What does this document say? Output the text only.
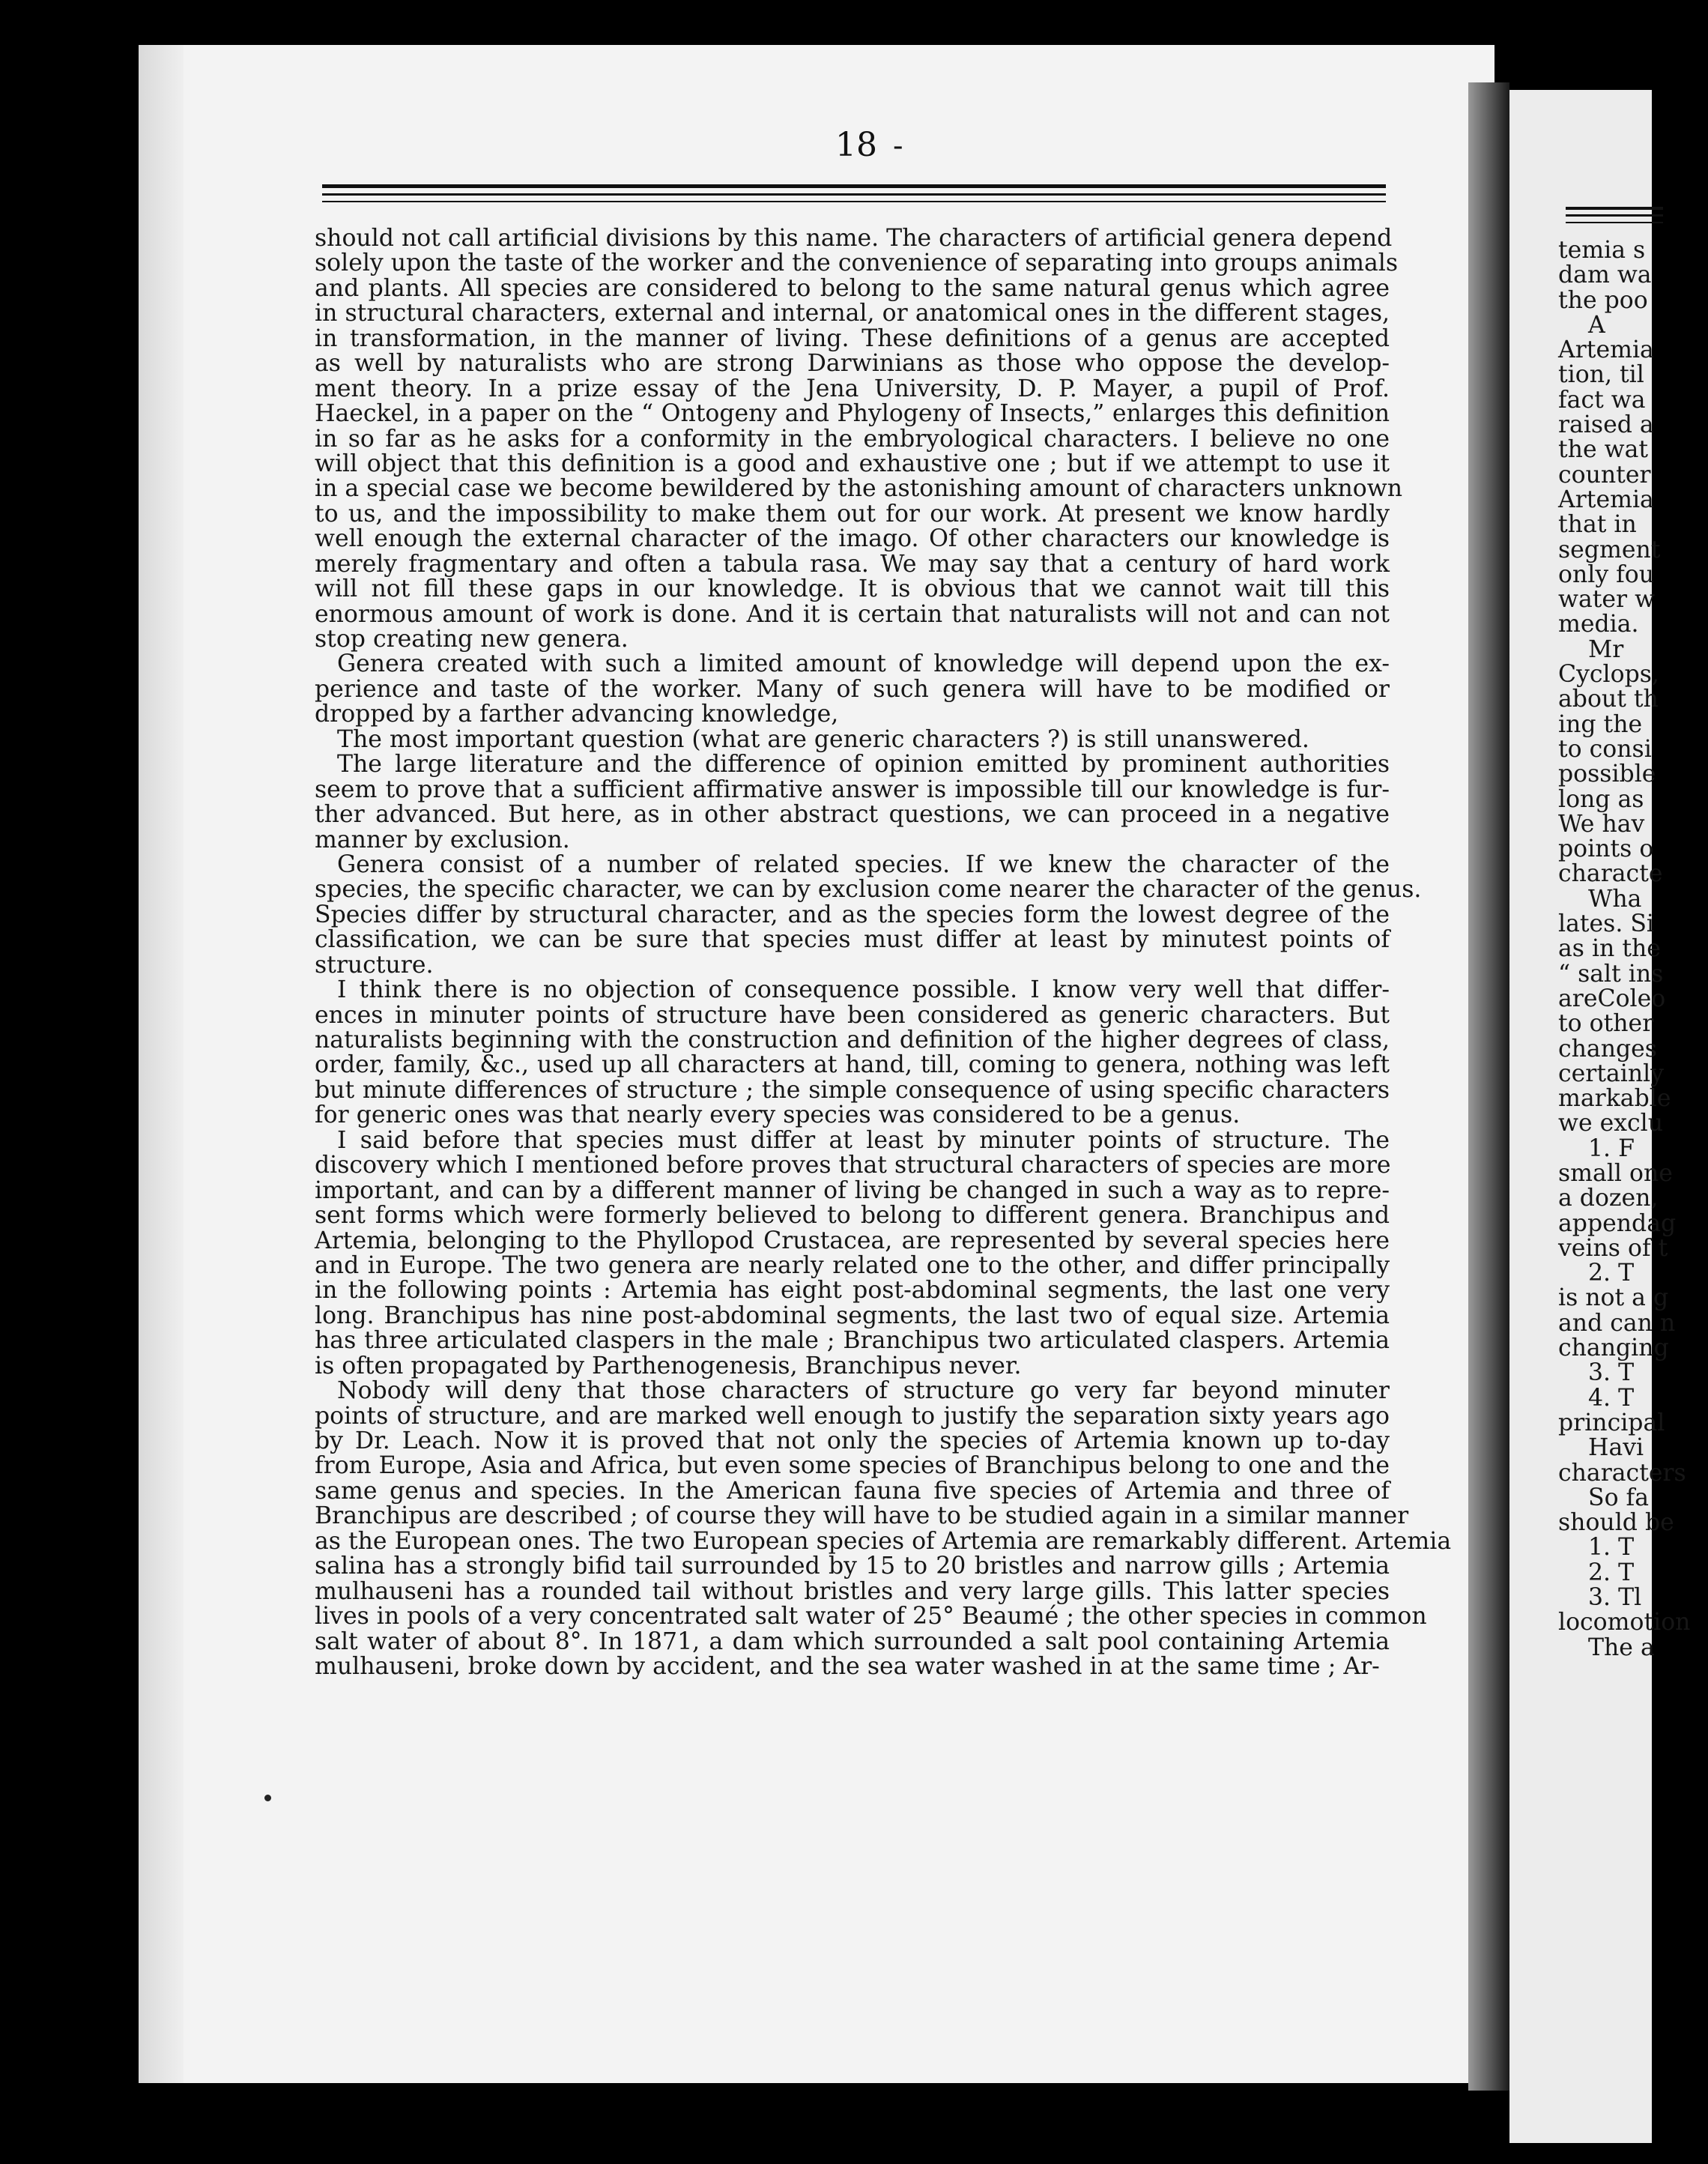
18 -
should not call artificial divisions by this name. The characters of artificial genera depend
solely upon the taste of the worker and the convenience of separating into groups animals
and plants. All species are considered to belong to the same natural genus which agree
in structural characters, external and internal, or anatomical ones in the different stages,
in transformation, in the manner of living. These definitions of a genus are accepted
as well by naturalists who are strong Darwinians as those who oppose the develop-
ment theory. In a prize essay of the Jena University, D. P. Mayer, a pupil of Prof.
Haeckel, in a paper on the “ Ontogeny and Phylogeny of Insects,” enlarges this definition
in so far as he asks for a conformity in the embryological characters. I believe no one
will object that this definition is a good and exhaustive one ; but if we attempt to use it
in a special case we become bewildered by the astonishing amount of characters unknown
to us, and the impossibility to make them out for our work. At present we know hardly
well enough the external character of the imago. Of other characters our knowledge is
merely fragmentary and often a tabula rasa. We may say that a century of hard work
will not fill these gaps in our knowledge. It is obvious that we cannot wait till this
enormous amount of work is done. And it is certain that naturalists will not and can not
stop creating new genera.
Genera created with such a limited amount of knowledge will depend upon the ex-
perience and taste of the worker. Many of such genera will have to be modified or
dropped by a farther advancing knowledge,
The most important question (what are generic characters ?) is still unanswered.
The large literature and the difference of opinion emitted by prominent authorities
seem to prove that a sufficient affirmative answer is impossible till our knowledge is fur-
ther advanced. But here, as in other abstract questions, we can proceed in a negative
manner by exclusion.
Genera consist of a number of related species. If we knew the character of the
species, the specific character, we can by exclusion come nearer the character of the genus.
Species differ by structural character, and as the species form the lowest degree of the
classification, we can be sure that species must differ at least by minutest points of
structure.
I think there is no objection of consequence possible. I know very well that differ-
ences in minuter points of structure have been considered as generic characters. But
naturalists beginning with the construction and definition of the higher degrees of class,
order, family, &c., used up all characters at hand, till, coming to genera, nothing was left
but minute differences of structure ; the simple consequence of using specific characters
for generic ones was that nearly every species was considered to be a genus.
I said before that species must differ at least by minuter points of structure. The
discovery which I mentioned before proves that structural characters of species are more
important, and can by a different manner of living be changed in such a way as to repre-
sent forms which were formerly believed to belong to different genera. Branchipus and
Artemia, belonging to the Phyllopod Crustacea, are represented by several species here
and in Europe. The two genera are nearly related one to the other, and differ principally
in the following points : Artemia has eight post-abdominal segments, the last one very
long. Branchipus has nine post-abdominal segments, the last two of equal size. Artemia
has three articulated claspers in the male ; Branchipus two articulated claspers. Artemia
is often propagated by Parthenogenesis, Branchipus never.
Nobody will deny that those characters of structure go very far beyond minuter
points of structure, and are marked well enough to justify the separation sixty years ago
by Dr. Leach. Now it is proved that not only the species of Artemia known up to-day
from Europe, Asia and Africa, but even some species of Branchipus belong to one and the
same genus and species. In the American fauna five species of Artemia and three of
Branchipus are described ; of course they will have to be studied again in a similar manner
as the European ones. The two European species of Artemia are remarkably different. Artemia
salina has a strongly bifid tail surrounded by 15 to 20 bristles and narrow gills ; Artemia
mulhauseni has a rounded tail without bristles and very large gills. This latter species
lives in pools of a very concentrated salt water of 25° Beaumé ; the other species in common
salt water of about 8°. In 1871, a dam which surrounded a salt pool containing Artemia
mulhauseni, broke down by accident, and the sea water washed in at the same time ; Ar-
temia s
dam wa
the poo
A
Artemia
tion, til
fact wa
raised a
the wat
counter
Artemia
that in
segment
only fou
water w
media.
Mr
Cyclops,
about th
ing the
to consi
possible
long as
We hav
points o
characte
Wha
lates. Si
as in the
“ salt ins
areColeo
to other
changes
certainly
markable
we exclu
1. F
small one
a dozen,
appendag
veins of t
2. T
is not a g
and can n
changing
3. T
4. T
principal
Havi
characters
So fa
should be
1. T
2. T
3. Tl
locomotion
The a
